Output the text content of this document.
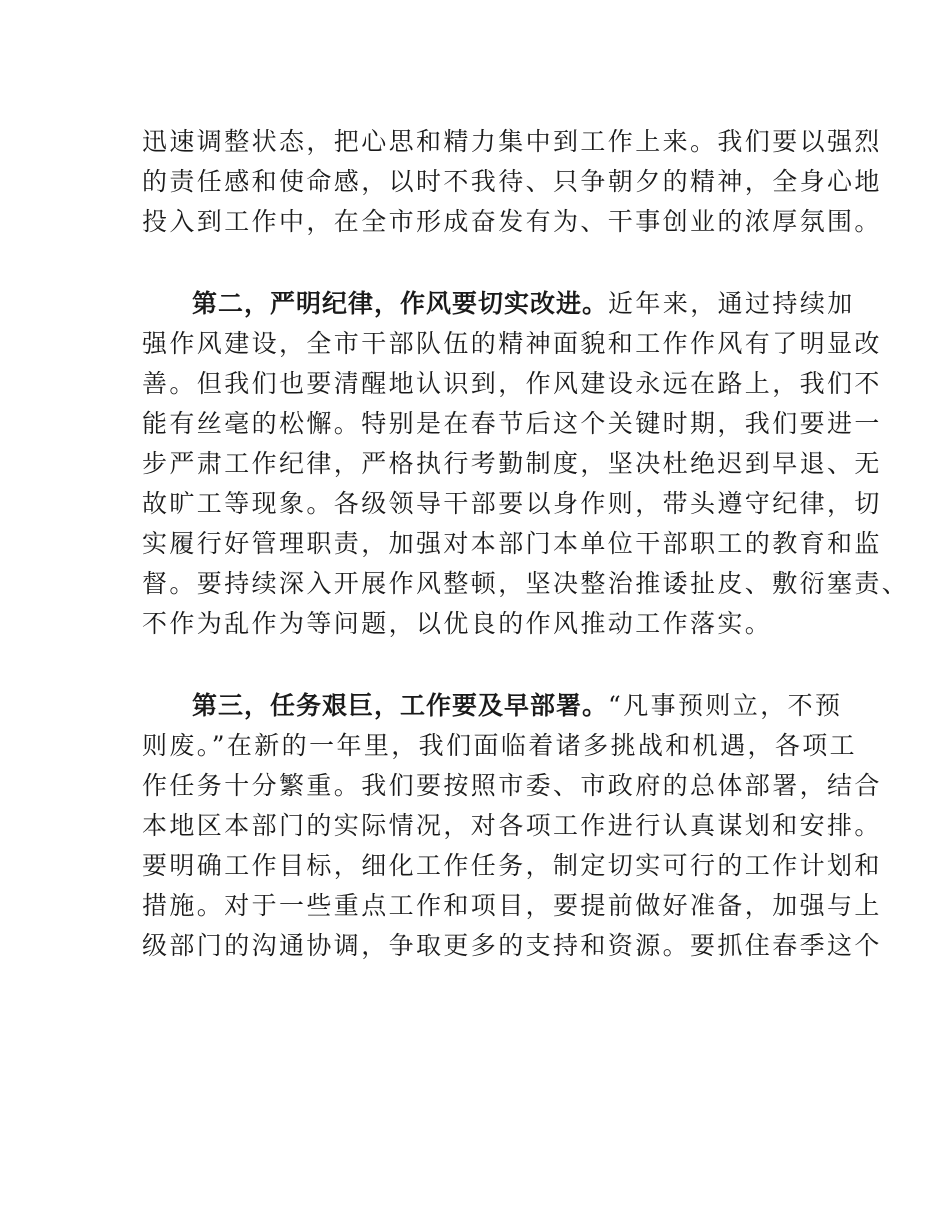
迅速调整状态，把心思和精力集中到工作上来。我们要以强烈
的责任感和使命感，以时不我待、只争朝夕的精神，全身心地
投入到工作中，在全市形成奋发有为、干事创业的浓厚氛围。
第二，严明纪律，作风要切实改进。近年来，通过持续加
强作风建设，全市干部队伍的精神面貌和工作作风有了明显改
善。但我们也要清醒地认识到，作风建设永远在路上，我们不
能有丝毫的松懈。特别是在春节后这个关键时期，我们要进一
步严肃工作纪律，严格执行考勤制度，坚决杜绝迟到早退、无
故旷工等现象。各级领导干部要以身作则，带头遵守纪律，切
实履行好管理职责，加强对本部门本单位干部职工的教育和监
督。要持续深入开展作风整顿，坚决整治推诿扯皮、敷衍塞责、
不作为乱作为等问题，以优良的作风推动工作落实。
第三，任务艰巨，工作要及早部署。“凡事预则立，不预
则废。”在新的一年里，我们面临着诸多挑战和机遇，各项工
作任务十分繁重。我们要按照市委、市政府的总体部署，结合
本地区本部门的实际情况，对各项工作进行认真谋划和安排。
要明确工作目标，细化工作任务，制定切实可行的工作计划和
措施。对于一些重点工作和项目，要提前做好准备，加强与上
级部门的沟通协调，争取更多的支持和资源。要抓住春季这个
